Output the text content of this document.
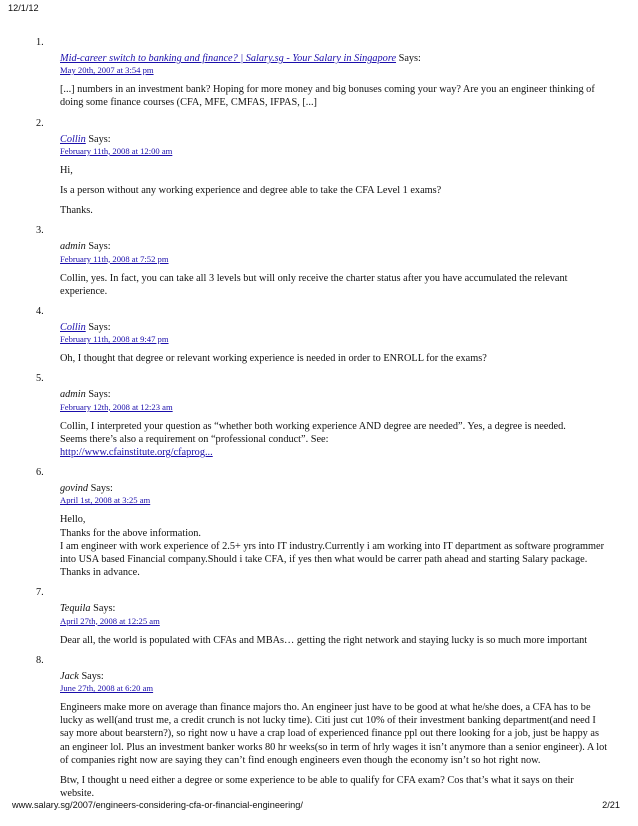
12/1/12
1.
Mid-career switch to banking and finance? | Salary.sg - Your Salary in Singapore Says:
May 20th, 2007 at 3:54 pm

[...] numbers in an investment bank? Hoping for more money and big bonuses coming your way? Are you an engineer thinking of doing some finance courses (CFA, MFE, CMFAS, IFPAS, [...]

2.
Collin Says:
February 11th, 2008 at 12:00 am

Hi,

Is a person without any working experience and degree able to take the CFA Level 1 exams?

Thanks.

3.
admin Says:
February 11th, 2008 at 7:52 pm

Collin, yes. In fact, you can take all 3 levels but will only receive the charter status after you have accumulated the relevant experience.

4.
Collin Says:
February 11th, 2008 at 9:47 pm

Oh, I thought that degree or relevant working experience is needed in order to ENROLL for the exams?

5.
admin Says:
February 12th, 2008 at 12:23 am

Collin, I interpreted your question as “whether both working experience AND degree are needed”. Yes, a degree is needed.
Seems there’s also a requirement on “professional conduct”. See:
http://www.cfainstitute.org/cfaprog...

6.
govind Says:
April 1st, 2008 at 3:25 am

Hello,
Thanks for the above information.
I am engineer with work experience of 2.5+ yrs into IT industry.Currently i am working into IT department as software programmer into USA based Financial company.Should i take CFA, if yes then what would be carrer path ahead and starting Salary package.
Thanks in advance.

7.
Tequila Says:
April 27th, 2008 at 12:25 am

Dear all, the world is populated with CFAs and MBAs… getting the right network and staying lucky is so much more important

8.
Jack Says:
June 27th, 2008 at 6:20 am

Engineers make more on average than finance majors tho. An engineer just have to be good at what he/she does, a CFA has to be lucky as well(and trust me, a credit crunch is not lucky time). Citi just cut 10% of their investment banking department(and need I say more about bearstern?), so right now u have a crap load of experienced finance ppl out there looking for a job, just be happy as an engineer lol. Plus an investment banker works 80 hr weeks(so in term of hrly wages it isn’t anymore than a senior engineer). A lot of companies right now are saying they can’t find enough engineers even though the economy isn’t so hot right now.

Btw, I thought u need either a degree or some experience to be able to qualify for CFA exam? Cos that’s what it says on their website.

www.salary.sg/2007/engineers-considering-cfa-or-financial-engineering/	2/21
